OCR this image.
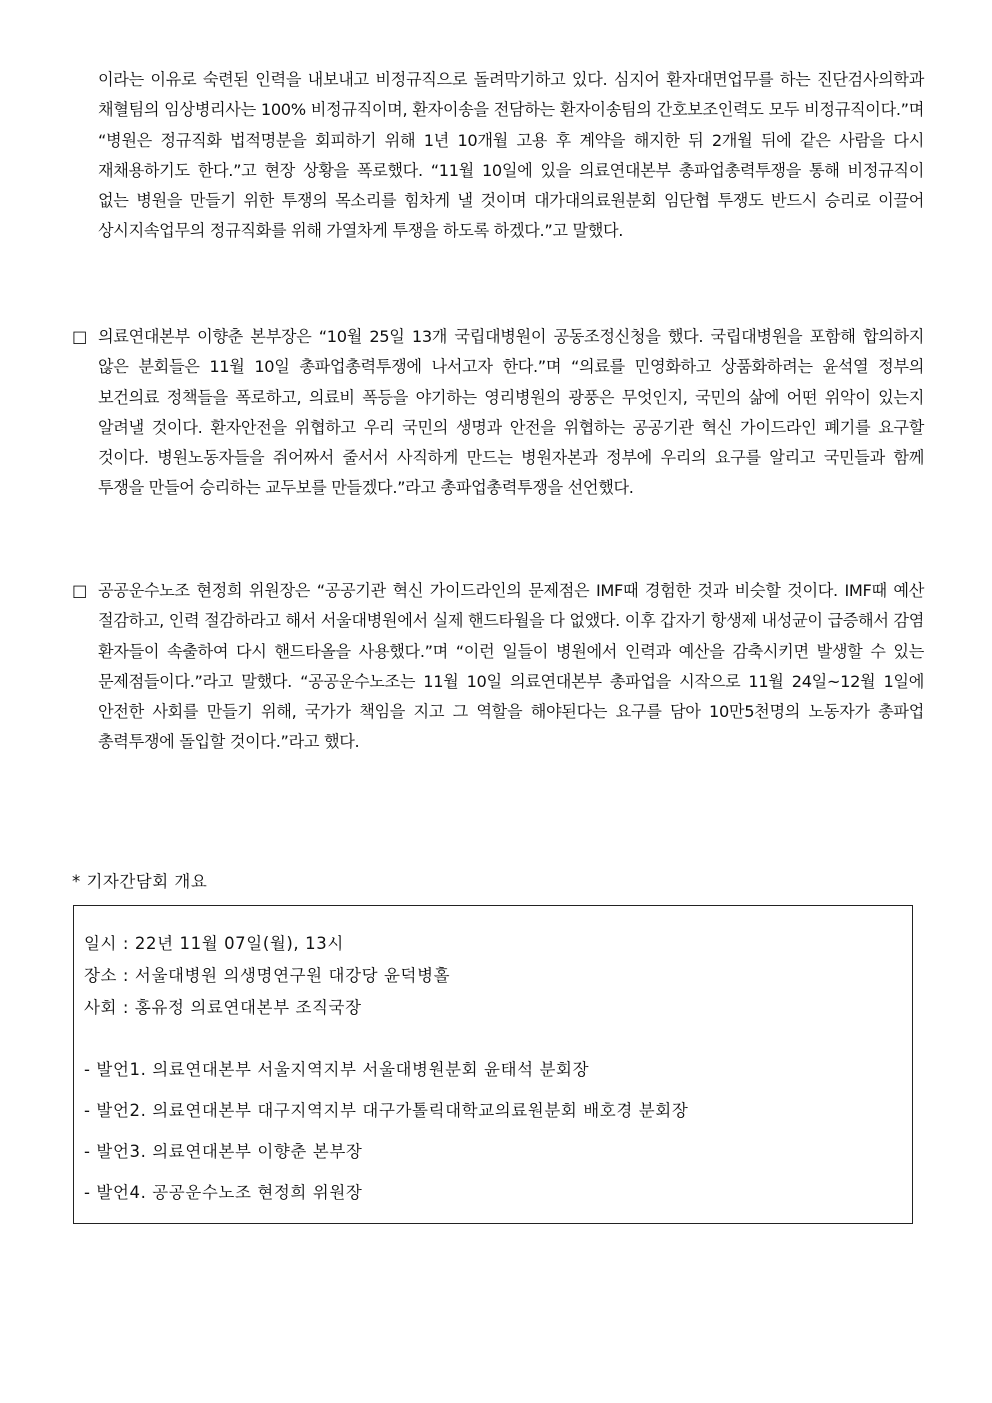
이라는 이유로 숙련된 인력을 내보내고 비정규직으로 돌려막기하고 있다. 심지어 환자대면업무를 하는 진단검사의학과 채혈팀의 임상병리사는 100% 비정규직이며, 환자이송을 전담하는 환자이송팀의 간호보조인력도 모두 비정규직이다.”며 “병원은 정규직화 법적명분을 회피하기 위해 1년 10개월 고용 후 계약을 해지한 뒤 2개월 뒤에 같은 사람을 다시 재채용하기도 한다.”고 현장 상황을 폭로했다. “11월 10일에 있을 의료연대본부 총파업총력투쟁을 통해 비정규직이 없는 병원을 만들기 위한 투쟁의 목소리를 힘차게 낼 것이며 대가대의료원분회 임단협 투쟁도 반드시 승리로 이끌어 상시지속업무의 정규직화를 위해 가열차게 투쟁을 하도록 하겠다.”고 말했다.
□ 의료연대본부 이향춘 본부장은 “10월 25일 13개 국립대병원이 공동조정신청을 했다. 국립대병원을 포함해 합의하지 않은 분회들은 11월 10일 총파업총력투쟁에 나서고자 한다.”며 “의료를 민영화하고 상품화하려는 윤석열 정부의 보건의료 정책들을 폭로하고, 의료비 폭등을 야기하는 영리병원의 광풍은 무엇인지, 국민의 삶에 어떤 위악이 있는지 알려낼 것이다. 환자안전을 위협하고 우리 국민의 생명과 안전을 위협하는 공공기관 혁신 가이드라인 폐기를 요구할 것이다. 병원노동자들을 쥐어짜서 줄서서 사직하게 만드는 병원자본과 정부에 우리의 요구를 알리고 국민들과 함께 투쟁을 만들어 승리하는 교두보를 만들겠다.”라고 총파업총력투쟁을 선언했다.
□ 공공운수노조 현정희 위원장은 “공공기관 혁신 가이드라인의 문제점은 IMF때 경험한 것과 비슷할 것이다. IMF때 예산 절감하고, 인력 절감하라고 해서 서울대병원에서 실제 핸드타월을 다 없앴다. 이후 갑자기 항생제 내성균이 급증해서 감염 환자들이 속출하여 다시 핸드타올을 사용했다.”며 “이런 일들이 병원에서 인력과 예산을 감축시키면 발생할 수 있는 문제점들이다.”라고 말했다. “공공운수노조는 11월 10일 의료연대본부 총파업을 시작으로 11월 24일~12월 1일에 안전한 사회를 만들기 위해, 국가가 책임을 지고 그 역할을 해야된다는 요구를 담아 10만5천명의 노동자가 총파업 총력투쟁에 돌입할 것이다.”라고 했다.
* 기자간담회 개요
일시 : 22년 11월 07일(월), 13시
장소 : 서울대병원 의생명연구원 대강당 윤덕병홀
사회 : 홍유정 의료연대본부 조직국장
- 발언1. 의료연대본부 서울지역지부 서울대병원분회 윤태석 분회장
- 발언2. 의료연대본부 대구지역지부 대구가톨릭대학교의료원분회 배호경 분회장
- 발언3. 의료연대본부 이향춘 본부장
- 발언4. 공공운수노조 현정희 위원장
